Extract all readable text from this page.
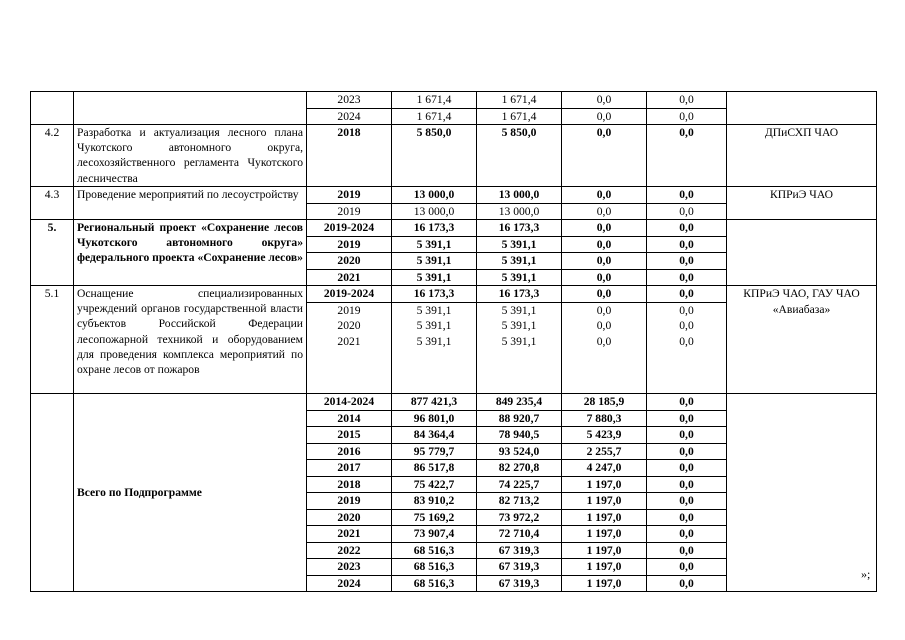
		2023	1 671,4	1 671,4	0,0	0,0	
		2024	1 671,4	1 671,4	0,0	0,0	
4.2	Разработка и актуализация лесного плана Чукотского автономного округа, лесохозяйственного регламента Чукотского лесничества	2018	5 850,0	5 850,0	0,0	0,0	ДПиСХП ЧАО
4.3	Проведение мероприятий по лесоустройству	2019	13 000,0	13 000,0	0,0	0,0	КПРиЭ ЧАО
		2019	13 000,0	13 000,0	0,0	0,0	
5.	Региональный проект «Сохранение лесов Чукотского автономного округа» федерального проекта «Сохранение лесов»	2019-2024	16 173,3	16 173,3	0,0	0,0	
		2019	5 391,1	5 391,1	0,0	0,0	
		2020	5 391,1	5 391,1	0,0	0,0	
		2021	5 391,1	5 391,1	0,0	0,0	
5.1	Оснащение специализированных учреждений органов государственной власти субъектов Российской Федерации лесопожарной техникой и оборудованием для проведения комплекса мероприятий по охране лесов от пожаров	2019-2024	16 173,3	16 173,3	0,0	0,0	КПРиЭ ЧАО, ГАУ ЧАО «Авиабаза»
		2019	5 391,1	5 391,1	0,0	0,0	
		2020	5 391,1	5 391,1	0,0	0,0	
		2021	5 391,1	5 391,1	0,0	0,0	
	Всего по Подпрограмме	2014-2024	877 421,3	849 235,4	28 185,9	0,0	
		2014	96 801,0	88 920,7	7 880,3	0,0	
		2015	84 364,4	78 940,5	5 423,9	0,0	
		2016	95 779,7	93 524,0	2 255,7	0,0	
		2017	86 517,8	82 270,8	4 247,0	0,0	
		2018	75 422,7	74 225,7	1 197,0	0,0	
		2019	83 910,2	82 713,2	1 197,0	0,0	
		2020	75 169,2	73 972,2	1 197,0	0,0	
		2021	73 907,4	72 710,4	1 197,0	0,0	
		2022	68 516,3	67 319,3	1 197,0	0,0	
		2023	68 516,3	67 319,3	1 197,0	0,0	
		2024	68 516,3	67 319,3	1 197,0	0,0	
»;
